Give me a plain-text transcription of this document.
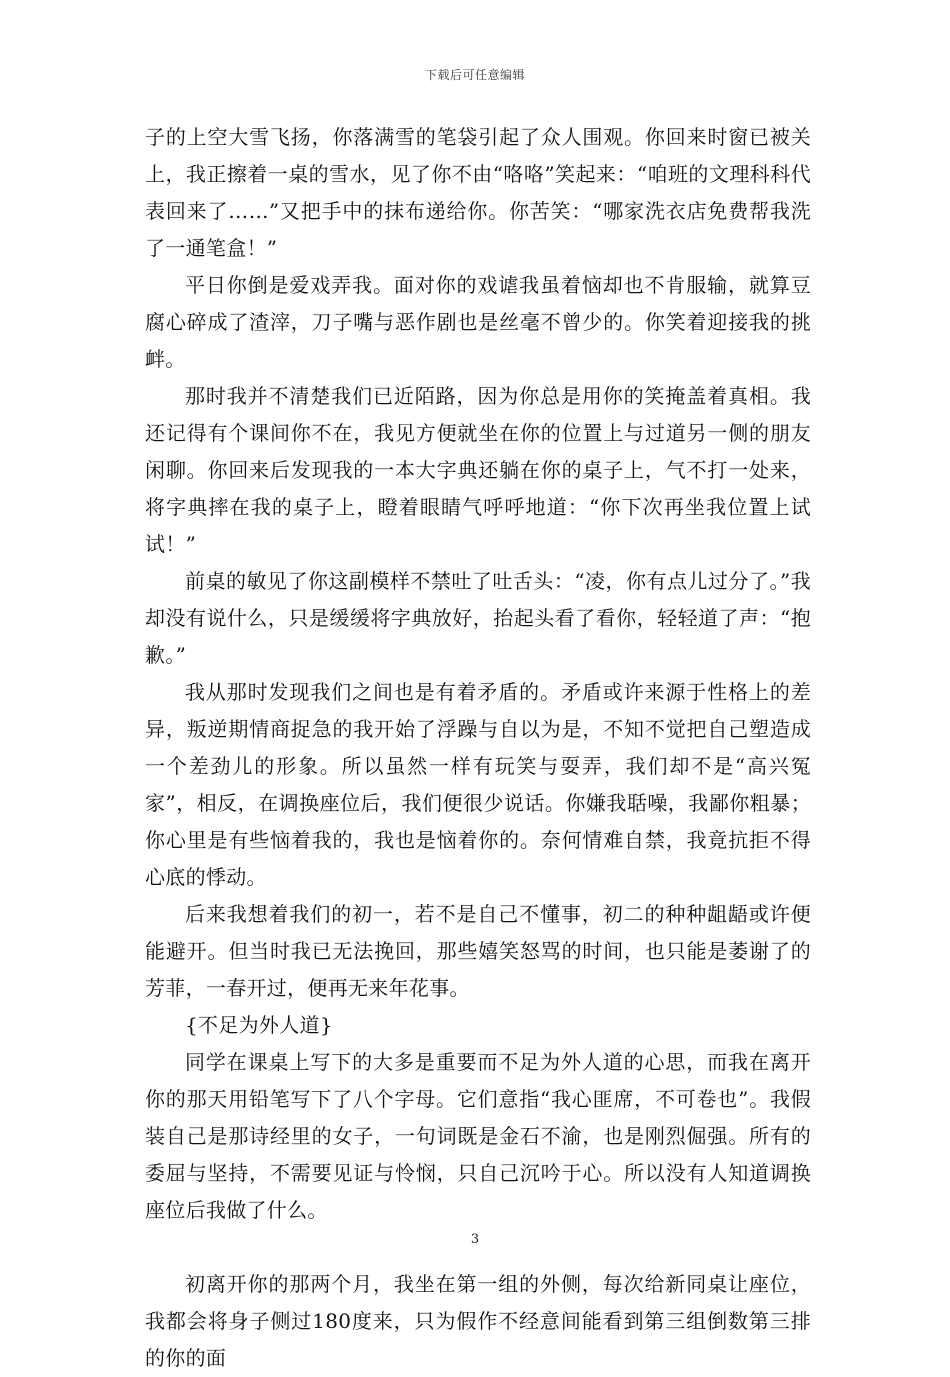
下载后可任意编辑

子的上空大雪飞扬，你落满雪的笔袋引起了众人围观。你回来时窗已被关上，我正擦着一桌的雪水，见了你不由“咯咯”笑起来：“咱班的文理科科代表回来了……”又把手中的抹布递给你。你苦笑：“哪家洗衣店免费帮我洗了一通笔盒！”

平日你倒是爱戏弄我。面对你的戏谑我虽着恼却也不肯服输，就算豆腐心碎成了渣滓，刀子嘴与恶作剧也是丝毫不曾少的。你笑着迎接我的挑衅。

那时我并不清楚我们已近陌路，因为你总是用你的笑掩盖着真相。我还记得有个课间你不在，我见方便就坐在你的位置上与过道另一侧的朋友闲聊。你回来后发现我的一本大字典还躺在你的桌子上，气不打一处来，将字典摔在我的桌子上，瞪着眼睛气呼呼地道：“你下次再坐我位置上试试！”

前桌的敏见了你这副模样不禁吐了吐舌头：“凌，你有点儿过分了。”我却没有说什么，只是缓缓将字典放好，抬起头看了看你，轻轻道了声：“抱歉。”

我从那时发现我们之间也是有着矛盾的。矛盾或许来源于性格上的差异，叛逆期情商捉急的我开始了浮躁与自以为是，不知不觉把自己塑造成一个差劲儿的形象。所以虽然一样有玩笑与耍弄，我们却不是“高兴冤家”，相反，在调换座位后，我们便很少说话。你嫌我聒噪，我鄙你粗暴；你心里是有些恼着我的，我也是恼着你的。奈何情难自禁，我竟抗拒不得心底的悸动。

后来我想着我们的初一，若不是自己不懂事，初二的种种龃龉或许便能避开。但当时我已无法挽回，那些嬉笑怒骂的时间，也只能是萎谢了的芳菲，一春开过，便再无来年花事。

{不足为外人道}

同学在课桌上写下的大多是重要而不足为外人道的心思，而我在离开你的那天用铅笔写下了八个字母。它们意指“我心匪席，不可卷也”。我假装自己是那诗经里的女子，一句词既是金石不渝，也是刚烈倔强。所有的委屈与坚持，不需要见证与怜悯，只自己沉吟于心。所以没有人知道调换座位后我做了什么。

初离开你的那两个月，我坐在第一组的外侧，每次给新同桌让座位，我都会将身子侧过180度来，只为假作不经意间能看到第三组倒数第三排的你的面

3
